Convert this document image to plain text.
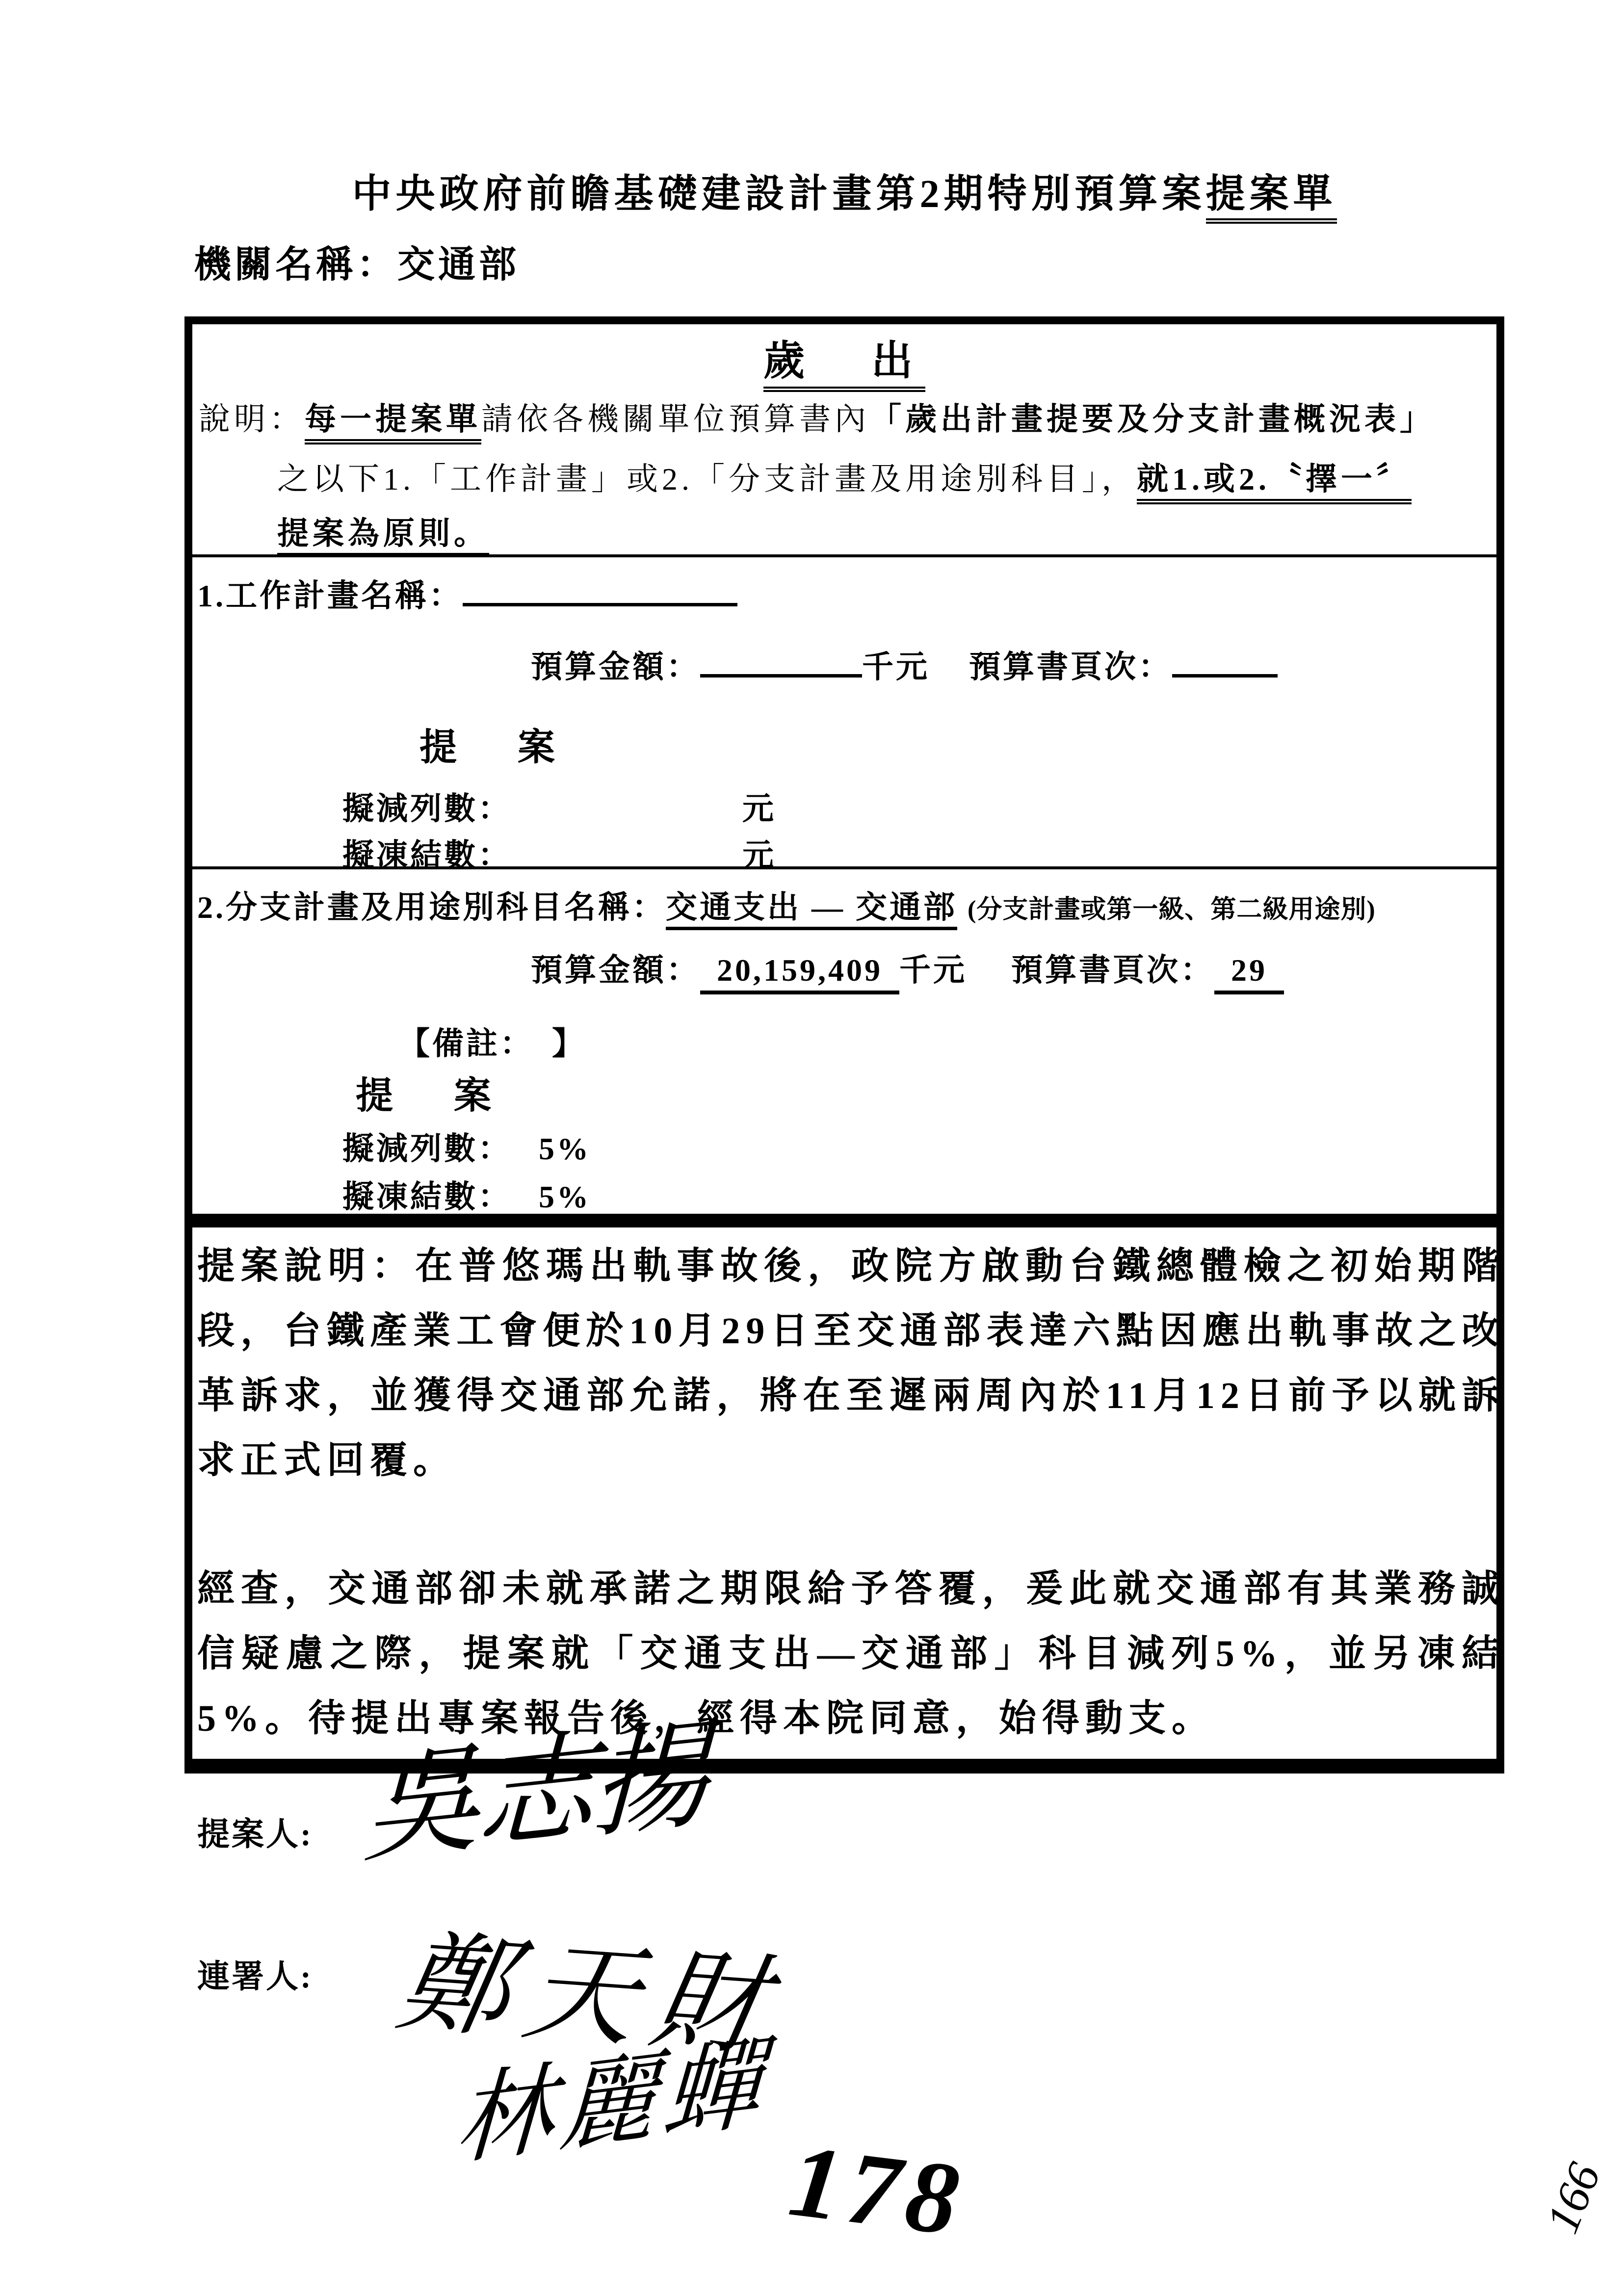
中央政府前瞻基礎建設計畫第2期特別預算案提案單
機關名稱：交通部
歲　出
說明：每一提案單請依各機關單位預算書內「歲出計畫提要及分支計畫概況表」
之以下1.「工作計畫」或2.「分支計畫及用途別科目」，就1.或2.〝擇一〞
提案為原則。
1.工作計畫名稱：
預算金額：	千元 預算書頁次：
提　案
擬減列數：	元
擬凍結數：	元
2.分支計畫及用途別科目名稱：交通支出 — 交通部 (分支計畫或第一級、第二級用途別)
預算金額： 20,159,409 千元 預算書頁次： 29
【備註：　】
提　案
擬減列數： 5%
擬凍結數： 5%

提案說明：在普悠瑪出軌事故後，政院方啟動台鐵總體檢之初始期階段，台鐵產業工會便於10月29日至交通部表達六點因應出軌事故之改革訴求，並獲得交通部允諾，將在至遲兩周內於11月12日前予以就訴求正式回覆。

經查，交通部卻未就承諾之期限給予答覆，爰此就交通部有其業務誠信疑慮之際，提案就「交通支出—交通部」科目減列5%，並另凍結5%。待提出專案報告後，經得本院同意，始得動支。

提案人: 吳志揚
連署人: 鄭天財
林麗蟬
178	166
